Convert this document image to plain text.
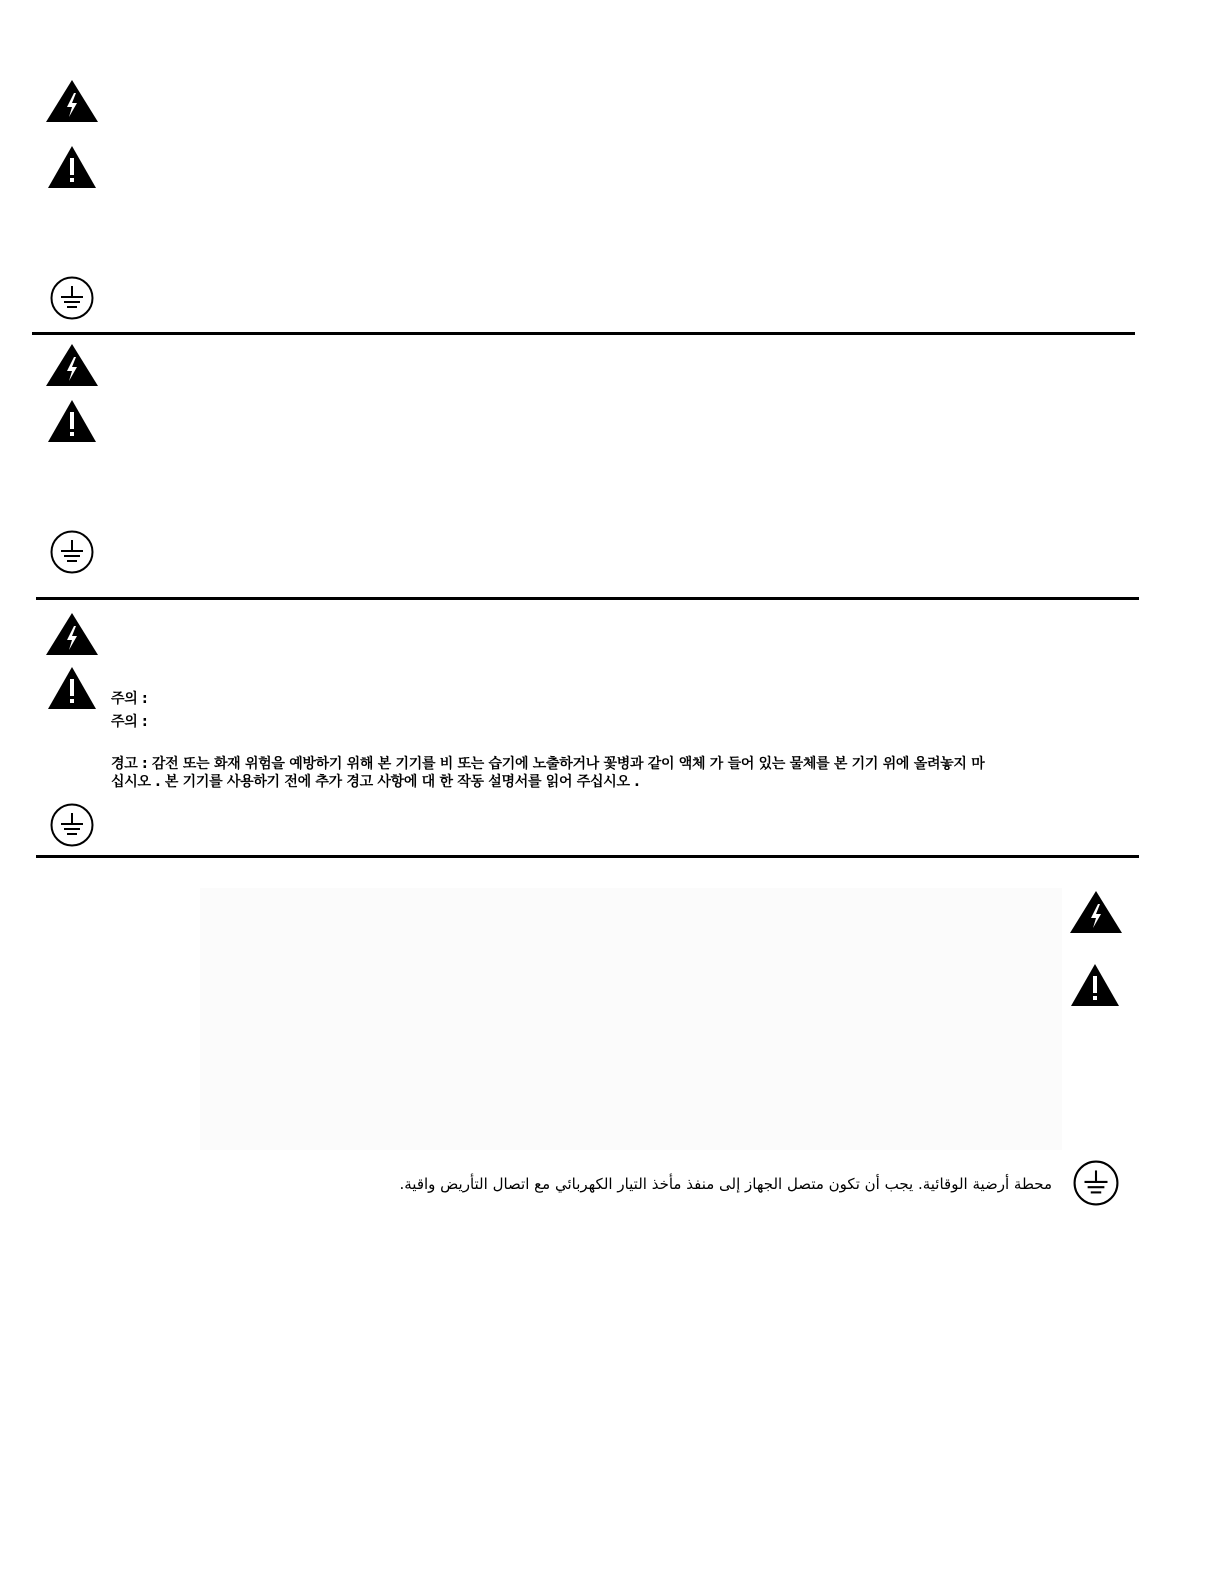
주의 :
주의 :
경고 : 감전 또는 화재 위험을 예방하기 위해 본 기기를 비 또는 습기에 노출하거나 꽃병과 같이 액체 가 들어 있는 물체를 본 기기 위에 올려놓지 마
십시오 . 본 기기를 사용하기 전에 추가 경고 사항에 대 한 작동 설명서를 읽어 주십시오 .
محطة أرضية الوقائية. يجب أن تكون متصل الجهاز إلى منفذ مأخذ التيار الكهربائي مع اتصال التأريض واقية.
